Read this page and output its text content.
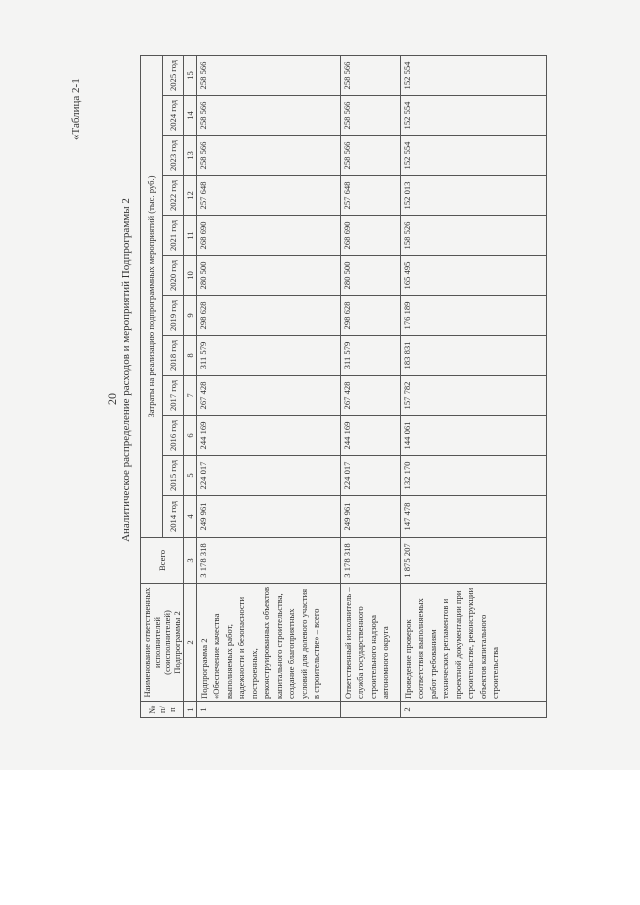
20
«Таблица 2-1
Аналитическое распределение расходов и мероприятий Подпрограммы 2
№ п/п	Наименование ответственных исполнителей (соисполнителей) Подпрограммы 2	Всего	Затраты на реализацию подпрограммных мероприятий (тыс. руб.)											
			2014 год	2015 год	2016 год	2017 год	2018 год	2019 год	2020 год	2021 год	2022 год	2023 год	2024 год	2025 год
1	2	3	4	5	6	7	8	9	10	11	12	13	14	15
1	Подпрограмма 2 «Обеспечение качества выполняемых работ, надежности и безопасности построенных, реконструированных объектов капитального строительства, создание благоприятных условий для долевого участия в строительстве» – всего	3 178 318	249 961	224 017	244 169	267 428	311 579	298 628	280 500	268 690	257 648	258 566	258 566	258 566
	Ответственный исполнитель – служба государственного строительного надзора автономного округа	3 178 318	249 961	224 017	244 169	267 428	311 579	298 628	280 500	268 690	257 648	258 566	258 566	258 566
2	Проведение проверок соответствия выполняемых работ требованиям технических регламентов и проектной документации при строительстве, реконструкции объектов капитального строительства	1 875 207	147 478	132 170	144 061	157 782	183 831	176 189	165 495	158 526	152 013	152 554	152 554	152 554
